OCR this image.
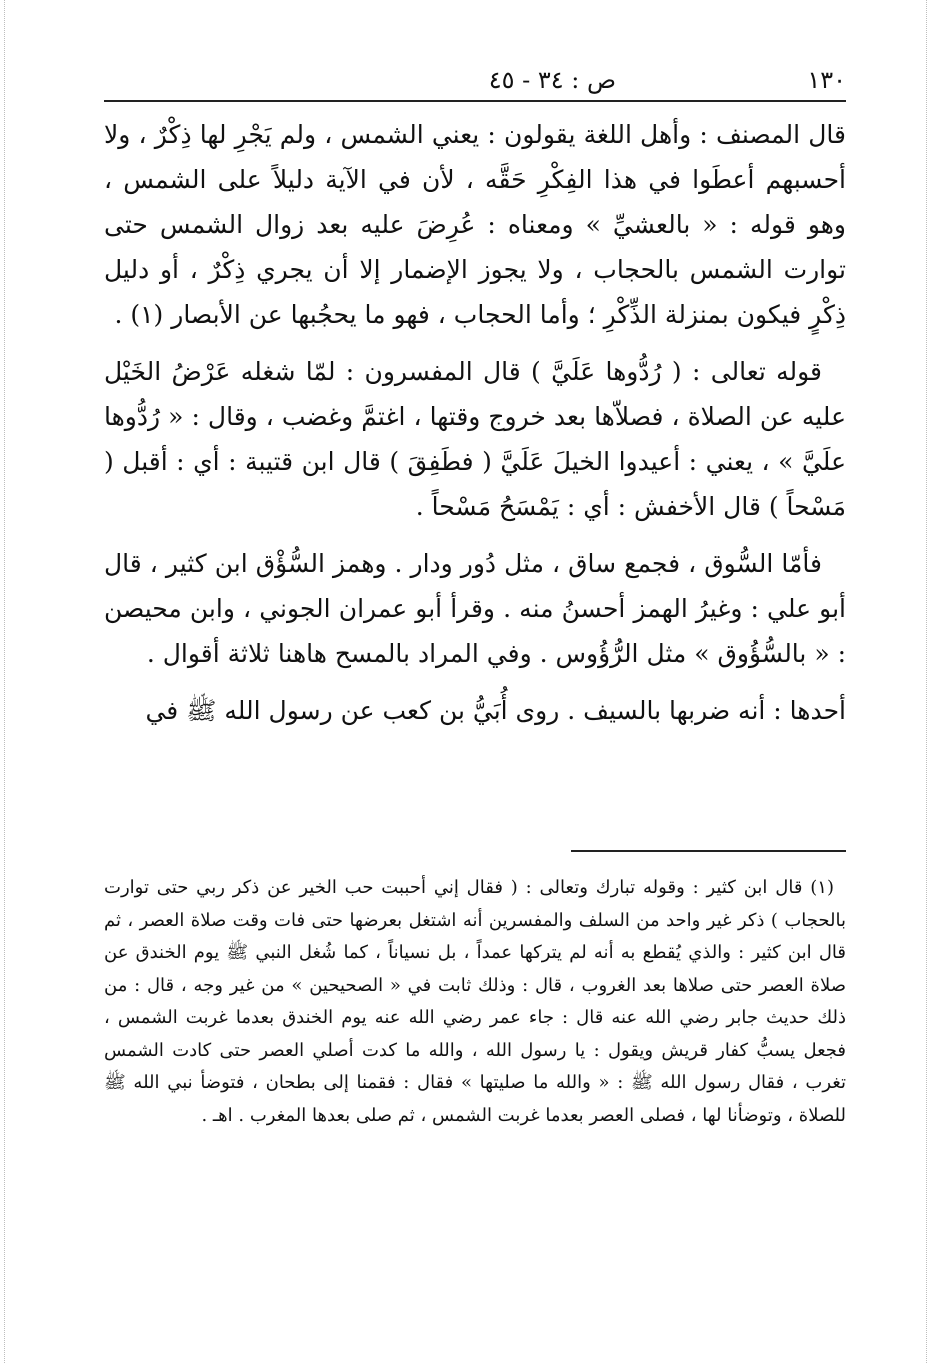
١٣٠
ص : ٣٤ - ٤٥

قال المصنف : وأهل اللغة يقولون : يعني الشمس ، ولم يَجْرِ لها ذِكْرٌ ، ولا أحسبهم أعطَوا في هذا الفِكْرِ حَقَّه ، لأن في الآية دليلاً على الشمس ، وهو قوله : « بالعشيِّ » ومعناه : عُرِضَ عليه بعد زوال الشمس حتى توارت الشمس بالحجاب ، ولا يجوز الإضمار إلا أن يجري ذِكْرٌ ، أو دليل ذِكْرٍ فيكون بمنزلة الذِّكْرِ ؛ وأما الحجاب ، فهو ما يحجُبها عن الأبصار (١) .

قوله تعالى : ( رُدُّوها عَلَيَّ ) قال المفسرون : لمّا شغله عَرْضُ الخَيْل عليه عن الصلاة ، فصلاّها بعد خروج وقتها ، اغتمَّ وغضب ، وقال : « رُدُّوها علَيَّ » ، يعني : أعيدوا الخيلَ عَلَيَّ ( فطَفِقَ ) قال ابن قتيبة : أي : أقبل ( مَسْحاً ) قال الأخفش : أي : يَمْسَحُ مَسْحاً .

فأمّا السُّوق ، فجمع ساق ، مثل دُور ودار . وهمز السُّؤْق ابن كثير ، قال أبو علي : وغيرُ الهمز أحسنُ منه . وقرأ أبو عمران الجوني ، وابن محيصن : « بالسُّؤُوق » مثل الرُّؤُوس . وفي المراد بالمسح هاهنا ثلاثة أقوال .

أحدها : أنه ضربها بالسيف . روى أُبَيُّ بن كعب عن رسول الله ﷺ في

(١) قال ابن كثير : وقوله تبارك وتعالى : ( فقال إني أحببت حب الخير عن ذكر ربي حتى توارت بالحجاب ) ذكر غير واحد من السلف والمفسرين أنه اشتغل بعرضها حتى فات وقت صلاة العصر ، ثم قال ابن كثير : والذي يُقطع به أنه لم يتركها عمداً ، بل نسياناً ، كما شُغل النبي ﷺ يوم الخندق عن صلاة العصر حتى صلاها بعد الغروب ، قال : وذلك ثابت في « الصحيحين » من غير وجه ، قال : من ذلك حديث جابر رضي الله عنه قال : جاء عمر رضي الله عنه يوم الخندق بعدما غربت الشمس ، فجعل يسبُّ كفار قريش ويقول : يا رسول الله ، والله ما كدت أصلي العصر حتى كادت الشمس تغرب ، فقال رسول الله ﷺ : « والله ما صليتها » فقال : فقمنا إلى بطحان ، فتوضأ نبي الله ﷺ للصلاة ، وتوضأنا لها ، فصلى العصر بعدما غربت الشمس ، ثم صلى بعدها المغرب . اهـ .
